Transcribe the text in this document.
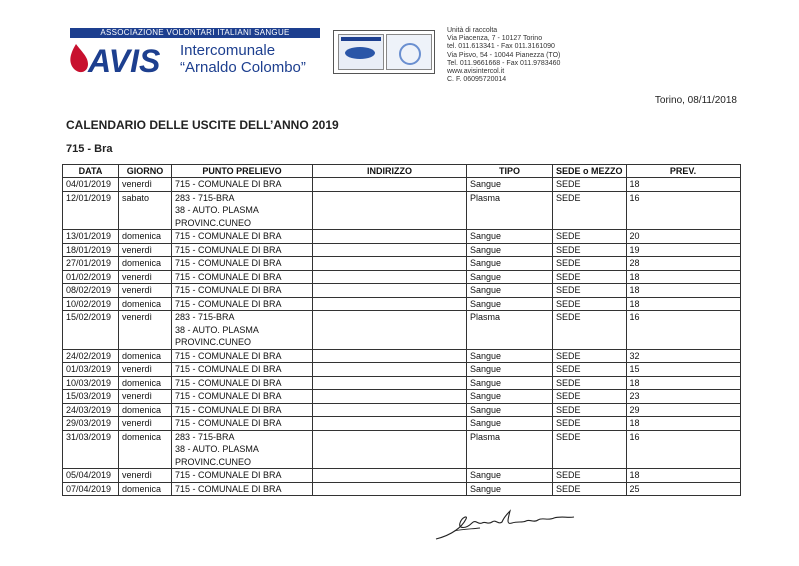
ASSOCIAZIONE VOLONTARI ITALIANI SANGUE
AVIS Intercomunale
“Arnaldo Colombo”
Unità di raccolta
Via Piacenza, 7 - 10127 Torino
tel. 011.613341 - Fax 011.3161090
Via Pisvo, 54 - 10044 Pianezza (TO)
Tel. 011.9661668 - Fax 011.9783460
www.avisintercol.it
C. F. 06095720014
Torino, 08/11/2018
CALENDARIO DELLE USCITE DELL’ANNO 2019
715 - Bra
DATA	GIORNO	PUNTO PRELIEVO	INDIRIZZO	TIPO	SEDE o MEZZO	PREV.
04/01/2019	venerdì	715 - COMUNALE DI BRA		Sangue	SEDE	18
12/01/2019	sabato	283 - 715-BRA
38 - AUTO. PLASMA
PROVINC.CUNEO		Plasma	SEDE	16
13/01/2019	domenica	715 - COMUNALE DI BRA		Sangue	SEDE	20
18/01/2019	venerdì	715 - COMUNALE DI BRA		Sangue	SEDE	19
27/01/2019	domenica	715 - COMUNALE DI BRA		Sangue	SEDE	28
01/02/2019	venerdì	715 - COMUNALE DI BRA		Sangue	SEDE	18
08/02/2019	venerdì	715 - COMUNALE DI BRA		Sangue	SEDE	18
10/02/2019	domenica	715 - COMUNALE DI BRA		Sangue	SEDE	18
15/02/2019	venerdì	283 - 715-BRA
38 - AUTO. PLASMA
PROVINC.CUNEO		Plasma	SEDE	16
24/02/2019	domenica	715 - COMUNALE DI BRA		Sangue	SEDE	32
01/03/2019	venerdì	715 - COMUNALE DI BRA		Sangue	SEDE	15
10/03/2019	domenica	715 - COMUNALE DI BRA		Sangue	SEDE	18
15/03/2019	venerdì	715 - COMUNALE DI BRA		Sangue	SEDE	23
24/03/2019	domenica	715 - COMUNALE DI BRA		Sangue	SEDE	29
29/03/2019	venerdì	715 - COMUNALE DI BRA		Sangue	SEDE	18
31/03/2019	domenica	283 - 715-BRA
38 - AUTO. PLASMA
PROVINC.CUNEO		Plasma	SEDE	16
05/04/2019	venerdì	715 - COMUNALE DI BRA		Sangue	SEDE	18
07/04/2019	domenica	715 - COMUNALE DI BRA		Sangue	SEDE	25
